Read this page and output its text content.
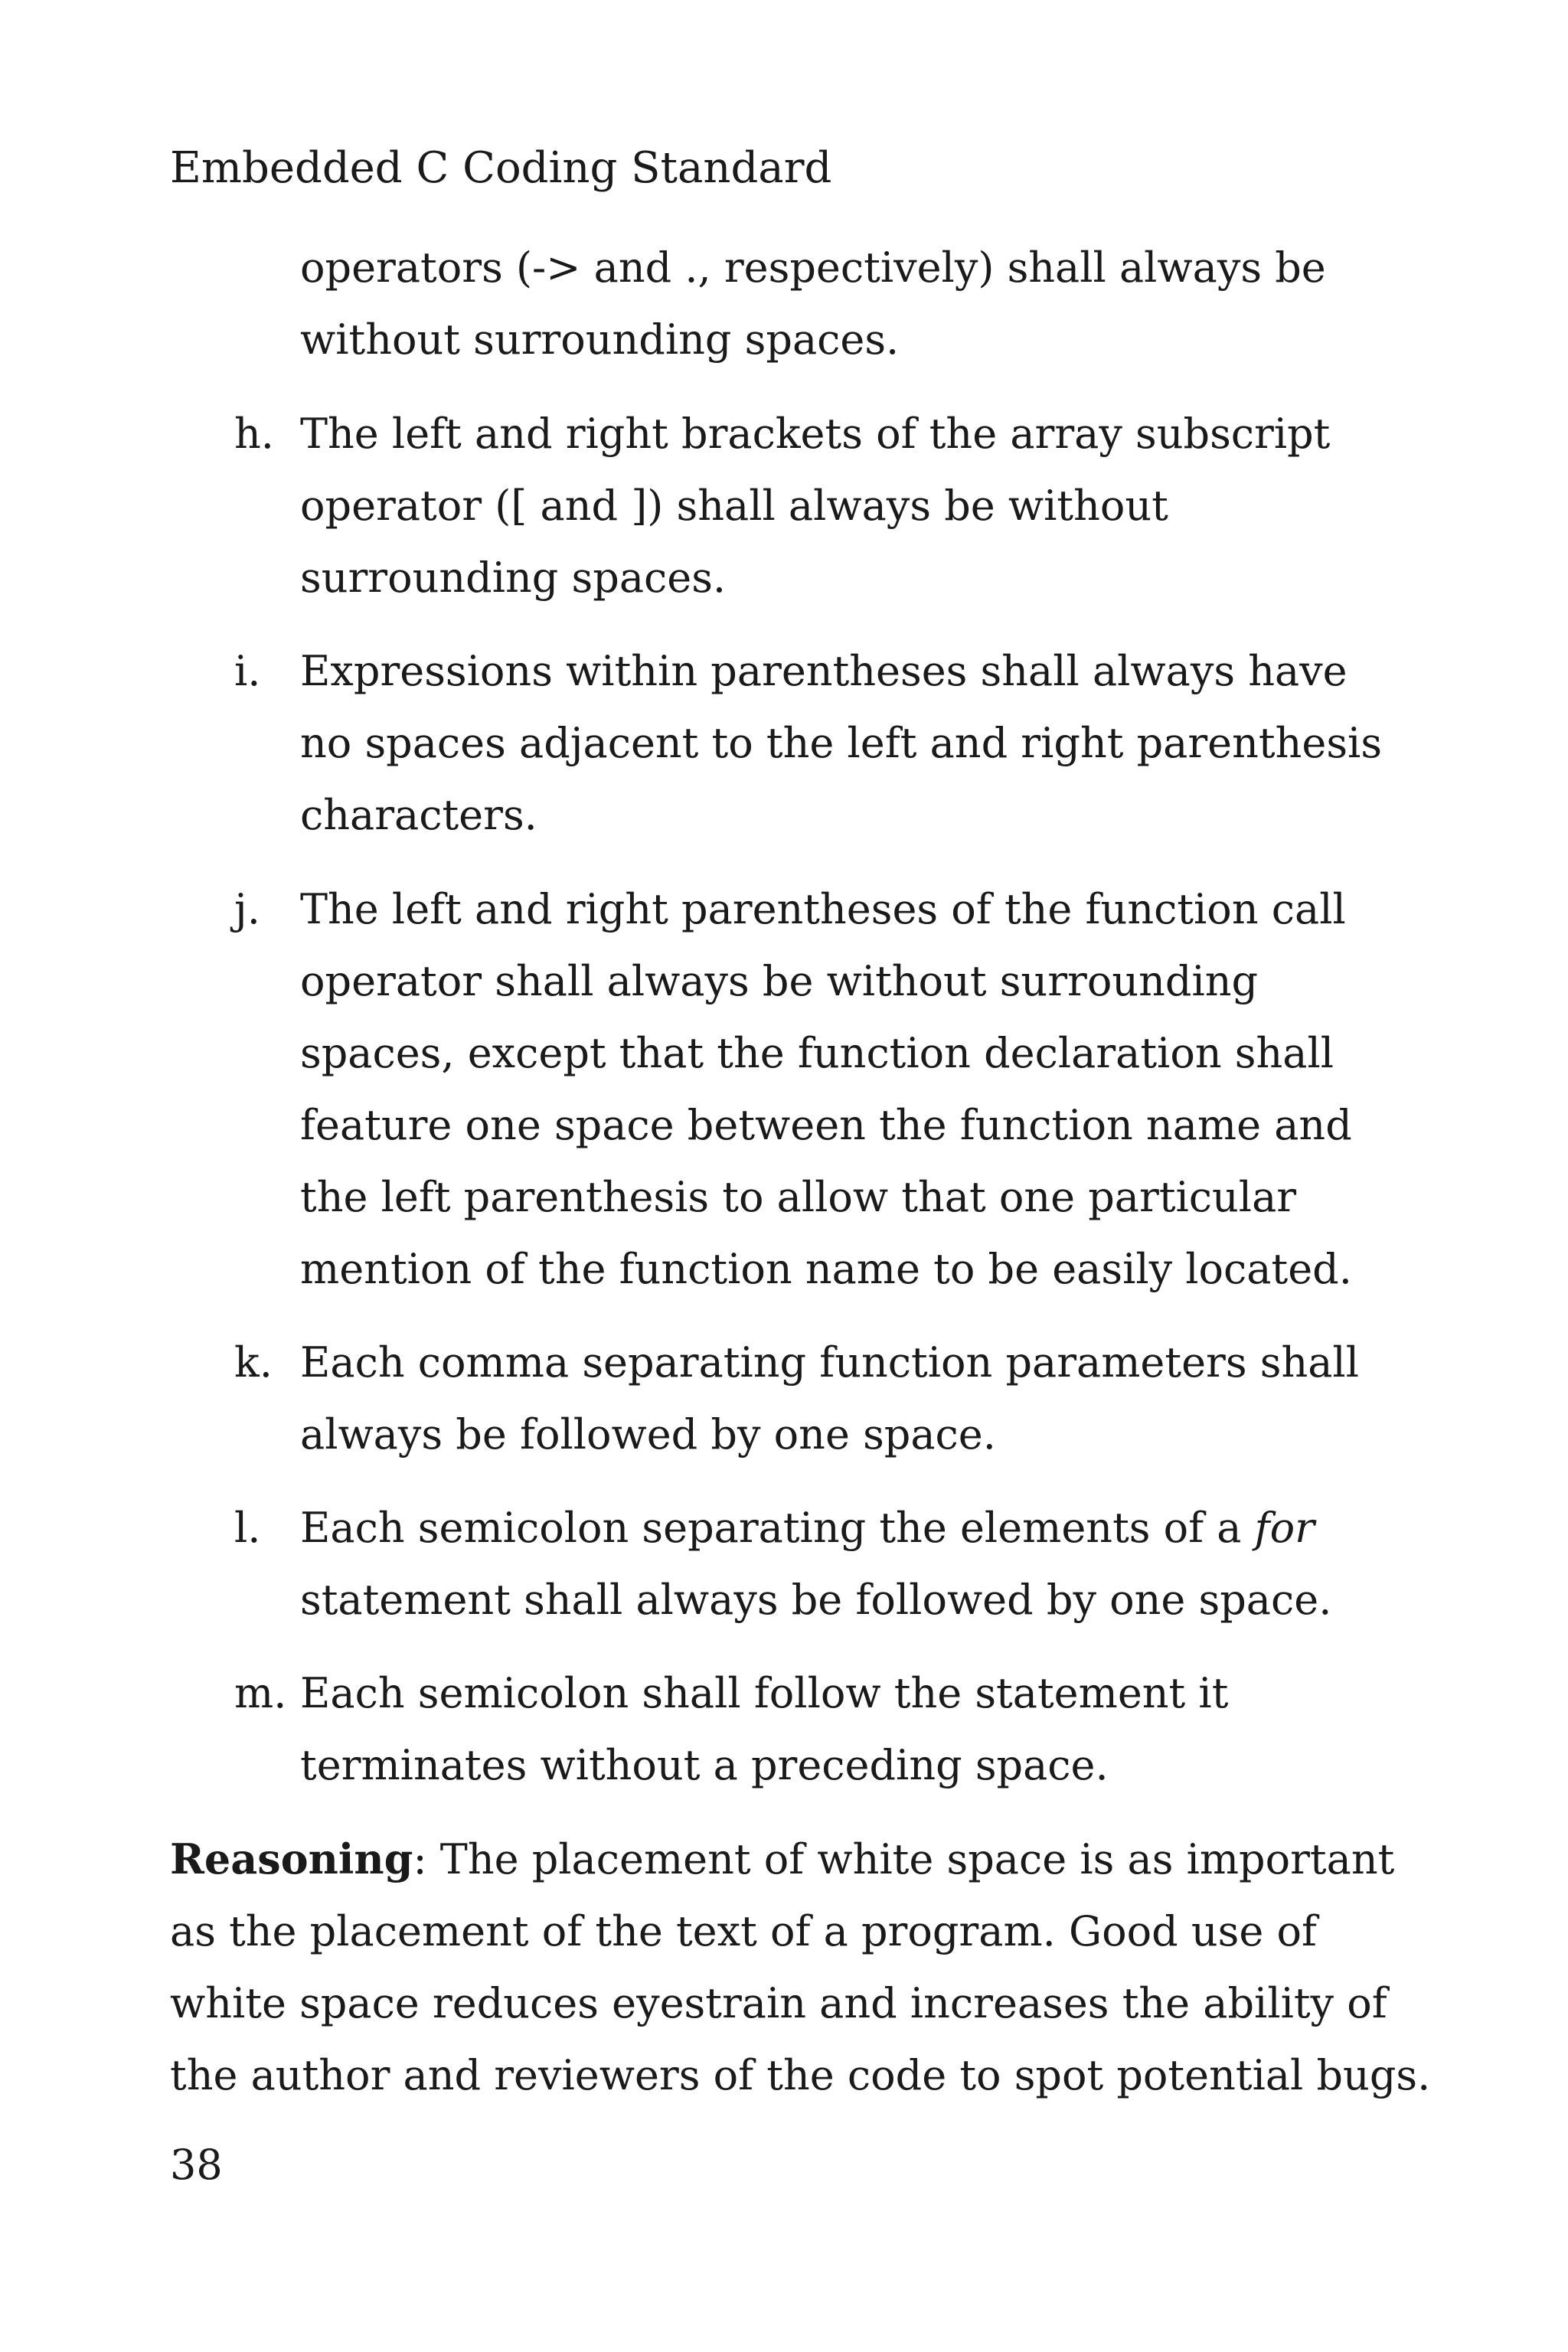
Embedded C Coding Standard
operators (-> and ., respectively) shall always be
without surrounding spaces.
h. The left and right brackets of the array subscript
operator ([ and ]) shall always be without
surrounding spaces.
i. Expressions within parentheses shall always have
no spaces adjacent to the left and right parenthesis
characters.
j. The left and right parentheses of the function call
operator shall always be without surrounding
spaces, except that the function declaration shall
feature one space between the function name and
the left parenthesis to allow that one particular
mention of the function name to be easily located.
k. Each comma separating function parameters shall
always be followed by one space.
l. Each semicolon separating the elements of a for
statement shall always be followed by one space.
m. Each semicolon shall follow the statement it
terminates without a preceding space.
Reasoning: The placement of white space is as important
as the placement of the text of a program. Good use of
white space reduces eyestrain and increases the ability of
the author and reviewers of the code to spot potential bugs.
38
